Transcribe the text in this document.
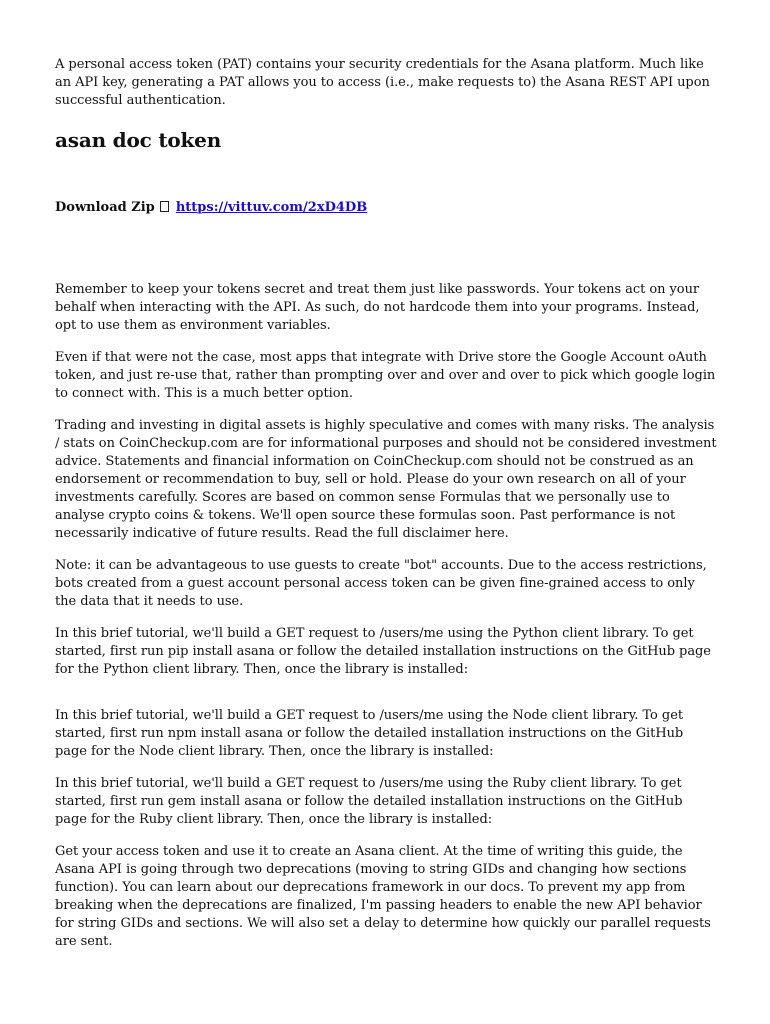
A personal access token (PAT) contains your security credentials for the Asana platform. Much like an API key, generating a PAT allows you to access (i.e., make requests to) the Asana REST API upon successful authentication.

asan doc token
Download Zip https://vittuv.com/2xD4DB

Remember to keep your tokens secret and treat them just like passwords. Your tokens act on your behalf when interacting with the API. As such, do not hardcode them into your programs. Instead, opt to use them as environment variables.

Even if that were not the case, most apps that integrate with Drive store the Google Account oAuth token, and just re-use that, rather than prompting over and over and over to pick which google login to connect with. This is a much better option.

Trading and investing in digital assets is highly speculative and comes with many risks. The analysis / stats on CoinCheckup.com are for informational purposes and should not be considered investment advice. Statements and financial information on CoinCheckup.com should not be construed as an endorsement or recommendation to buy, sell or hold. Please do your own research on all of your investments carefully. Scores are based on common sense Formulas that we personally use to analyse crypto coins & tokens. We'll open source these formulas soon. Past performance is not necessarily indicative of future results. Read the full disclaimer here.

Note: it can be advantageous to use guests to create "bot" accounts. Due to the access restrictions, bots created from a guest account personal access token can be given fine-grained access to only the data that it needs to use.

In this brief tutorial, we'll build a GET request to /users/me using the Python client library. To get started, first run pip install asana or follow the detailed installation instructions on the GitHub page for the Python client library. Then, once the library is installed:

In this brief tutorial, we'll build a GET request to /users/me using the Node client library. To get started, first run npm install asana or follow the detailed installation instructions on the GitHub page for the Node client library. Then, once the library is installed:

In this brief tutorial, we'll build a GET request to /users/me using the Ruby client library. To get started, first run gem install asana or follow the detailed installation instructions on the GitHub page for the Ruby client library. Then, once the library is installed:

Get your access token and use it to create an Asana client. At the time of writing this guide, the Asana API is going through two deprecations (moving to string GIDs and changing how sections function). You can learn about our deprecations framework in our docs. To prevent my app from breaking when the deprecations are finalized, I'm passing headers to enable the new API behavior for string GIDs and sections. We will also set a delay to determine how quickly our parallel requests are sent.
